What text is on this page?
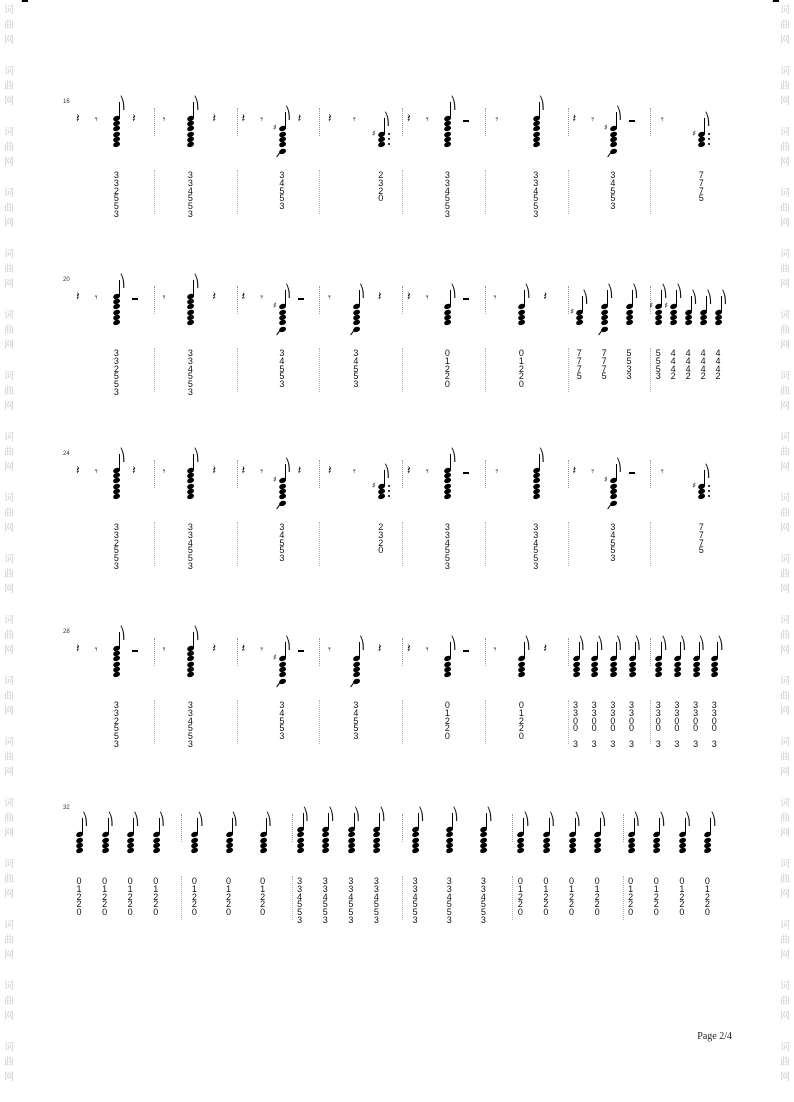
词
曲
网
词
曲
网
词
曲
网
词
曲
网
词
曲
网
词
曲
网
词
曲
网
词
曲
网
词
曲
网
词
曲
网
词
曲
网
词
曲
网
词
曲
网
词
曲
网
词
曲
网
词
曲
网
词
曲
网
词
曲
网
词
曲
网
词
曲
网
词
曲
网
词
曲
网
词
曲
网
词
曲
网
词
曲
网
词
曲
网
词
曲
网
词
曲
网
词
曲
网
词
曲
网
词
曲
网
词
曲
网
词
曲
网
词
曲
网
词
曲
网
词
曲
网
16
𝄽 𝄾
⎞
3
3
2
5
5
3
𝄽 𝄾
⎞
3
3
4
5
5
3
𝄽 𝄽 𝄾 ⎞
♯
3
4
5
5
3
𝄽 𝄽 𝄾 ⎞
♯
2
3
2
0
𝄽 𝄾
⎞
3
3
4
5
5
3
𝄾
⎞
3
3
4
5
5
3
𝄽 𝄾 ⎞
♯
3
4
5
5
3
𝄾	⎞
♯
7
7
7
5
20
𝄽 𝄾
⎞
3
3
2
5
5
3
𝄾
⎞
3
3
4
5
5
3
𝄽 𝄽 𝄾 ⎞
♯
3
4
5
5
3
𝄾 ⎞
3
4
5
5
3
𝄽 𝄽 𝄾 ⎞
0
1
2
2
0
𝄾 ⎞
0
1
2
2
0
𝄽	⎞
♯
7
7
7
5
⎞
7
7
7
5
⎞
5
5
3
3
⎞
♯
5
5
5
3
⎞
♯
4
4
4
2
⎞
4
4
4
2
⎞
4
4
4
2
⎞
4
4
4
2
24
𝄽 𝄾
⎞
3
3
2
5
5
3
𝄽 𝄾
⎞
3
3
4
5
5
3
𝄽 𝄽 𝄾 ⎞
♯
3
4
5
5
3
𝄽 𝄽 𝄾 ⎞
♯
2
3
2
0
𝄽 𝄾
⎞
3
3
4
5
5
3
𝄾
⎞
3
3
4
5
5
3
𝄽 𝄾 ⎞
♯
3
4
5
5
3
𝄾	⎞
♯
7
7
7
5
28
𝄽 𝄾
⎞
3
3
2
5
5
3
𝄾
⎞
3
3
4
5
5
3
𝄽 𝄽 𝄾 ⎞
♯
3
4
5
5
3
𝄾 ⎞
3
4
5
5
3
𝄽 𝄽 𝄾 ⎞
0
1
2
2
0
𝄾 ⎞
0
1
2
2
0
𝄽	⎞
3
3
0
0

3
⎞
3
3
0
0

3
⎞
3
3
0
0

3
⎞
3
3
0
0

3
⎞
3
3
0
0

3
⎞
3
3
0
0

3
⎞
3
3
0
0

3
⎞
3
3
0
0

3
32
⎞
0
1
2
2
0
⎞
0
1
2
2
0
⎞
0
1
2
2
0
⎞
0
1
2
2
0
⎞
0
1
2
2
0
⎞
0
1
2
2
0
⎞
0
1
2
2
0
⎞
3
3
4
5
5
3
⎞
3
3
4
5
5
3
⎞
3
3
4
5
5
3
⎞
3
3
4
5
5
3
⎞
3
3
4
5
5
3
⎞
3
3
4
5
5
3
⎞
3
3
4
5
5
3
⎞
0
1
2
2
0
⎞
0
1
2
2
0
⎞
0
1
2
2
0
⎞
0
1
2
2
0
⎞
0
1
2
2
0
⎞
0
1
2
2
0
⎞
0
1
2
2
0
⎞
0
1
2
2
0
Page 2/4
